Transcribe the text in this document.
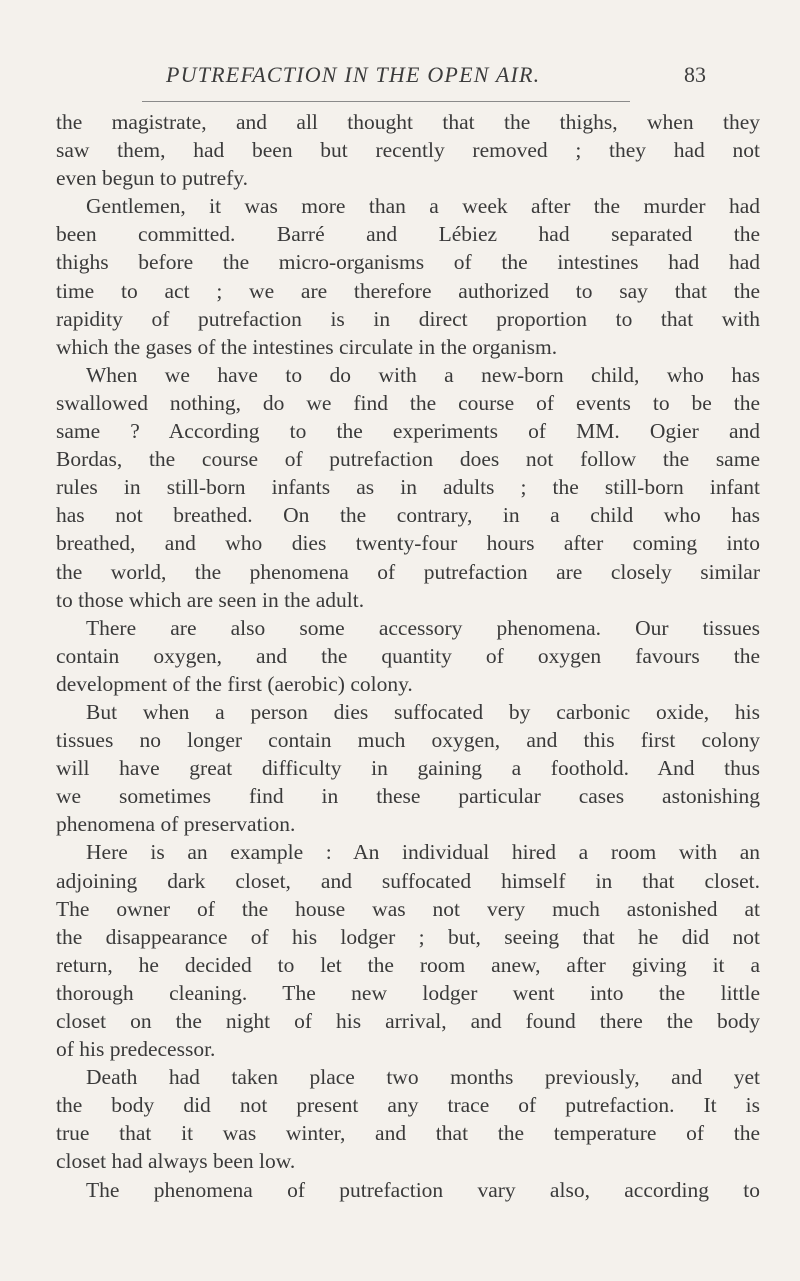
PUTREFACTION IN THE OPEN AIR.	83
the magistrate, and all thought that the thighs, when they
saw them, had been but recently removed ; they had not
even begun to putrefy.
Gentlemen, it was more than a week after the murder had
been committed. Barré and Lébiez had separated the
thighs before the micro-organisms of the intestines had had
time to act ; we are therefore authorized to say that the
rapidity of putrefaction is in direct proportion to that with
which the gases of the intestines circulate in the organism.
When we have to do with a new-born child, who has
swallowed nothing, do we find the course of events to be the
same ? According to the experiments of MM. Ogier and
Bordas, the course of putrefaction does not follow the same
rules in still-born infants as in adults ; the still-born infant
has not breathed. On the contrary, in a child who has
breathed, and who dies twenty-four hours after coming into
the world, the phenomena of putrefaction are closely similar
to those which are seen in the adult.
There are also some accessory phenomena. Our tissues
contain oxygen, and the quantity of oxygen favours the
development of the first (aerobic) colony.
But when a person dies suffocated by carbonic oxide, his
tissues no longer contain much oxygen, and this first colony
will have great difficulty in gaining a foothold. And thus
we sometimes find in these particular cases astonishing
phenomena of preservation.
Here is an example : An individual hired a room with an
adjoining dark closet, and suffocated himself in that closet.
The owner of the house was not very much astonished at
the disappearance of his lodger ; but, seeing that he did not
return, he decided to let the room anew, after giving it a
thorough cleaning. The new lodger went into the little
closet on the night of his arrival, and found there the body
of his predecessor.
Death had taken place two months previously, and yet
the body did not present any trace of putrefaction. It is
true that it was winter, and that the temperature of the
closet had always been low.
The phenomena of putrefaction vary also, according to
